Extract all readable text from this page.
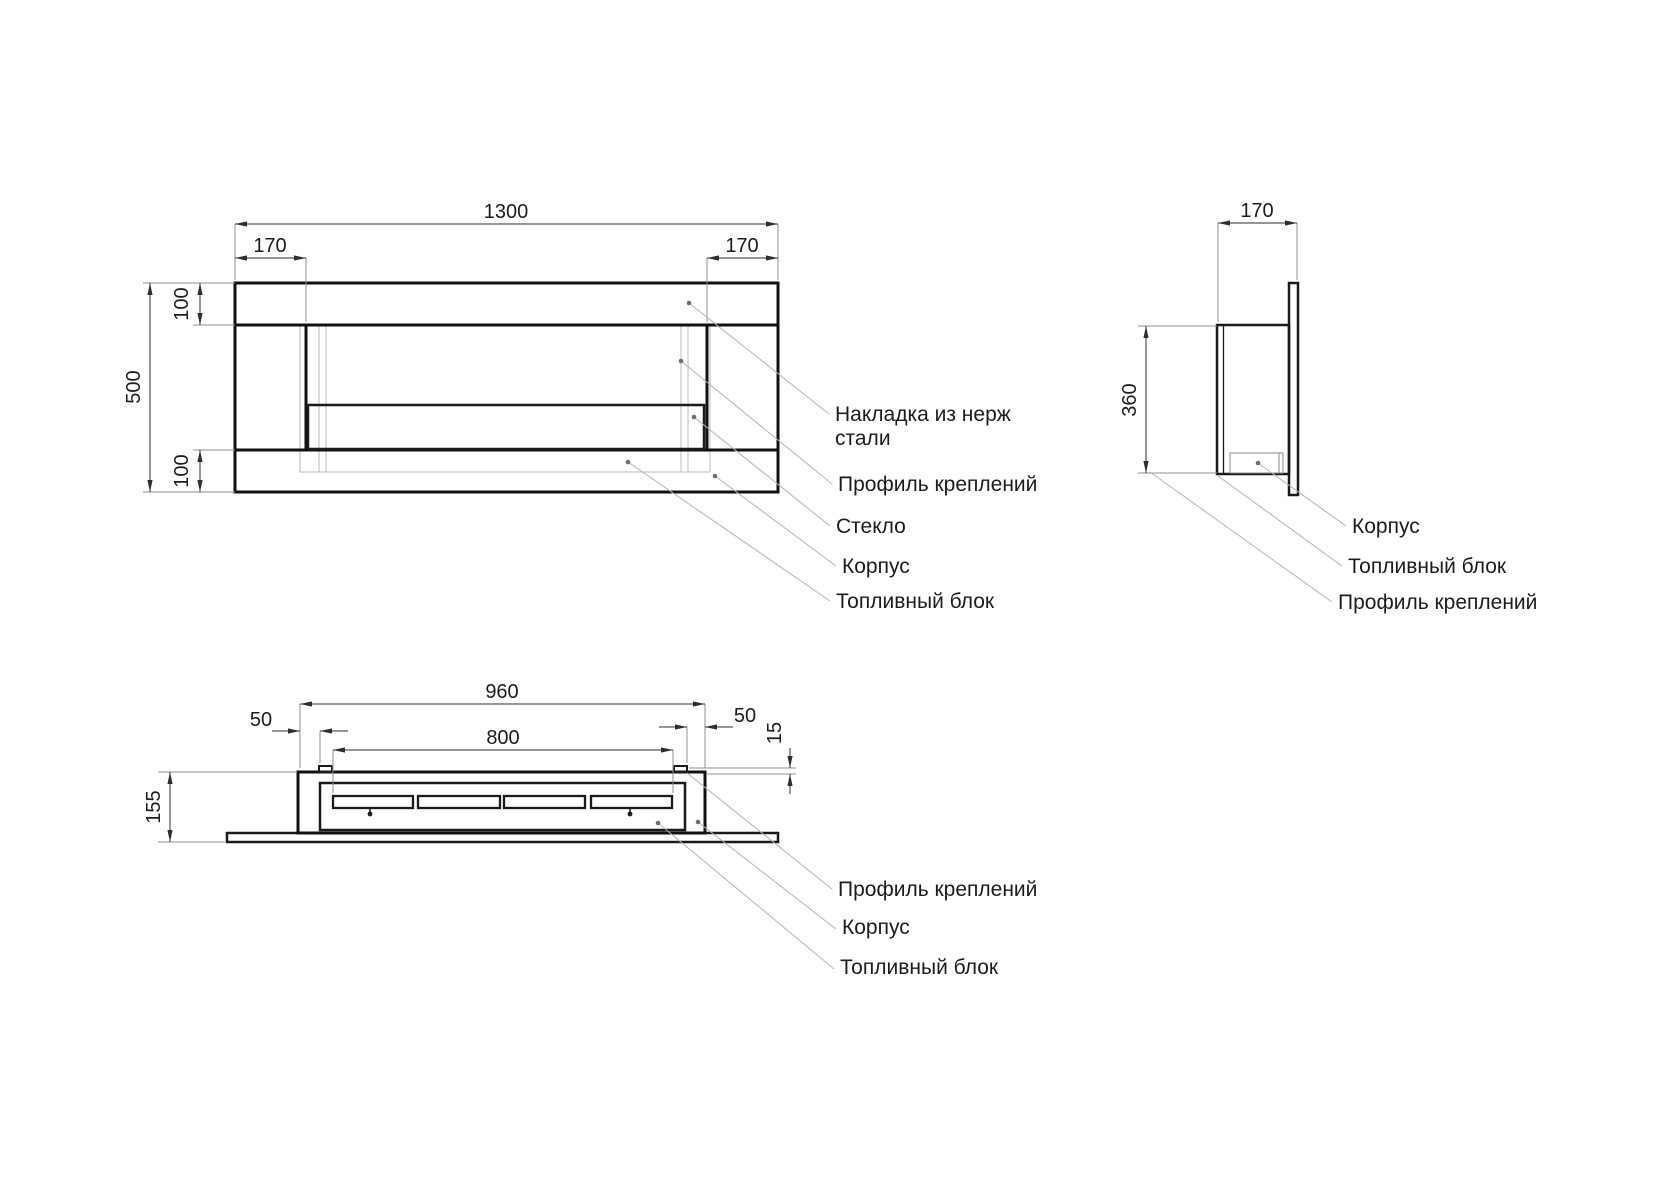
1300
170	170
500
100
100
Накладка из нерж
стали
Профиль креплений
Стекло
Корпус
Топливный блок
170
360
Корпус
Топливный блок
Профиль креплений
960
50
800
50
15
155
Профиль креплений
Корпус
Топливный блок
